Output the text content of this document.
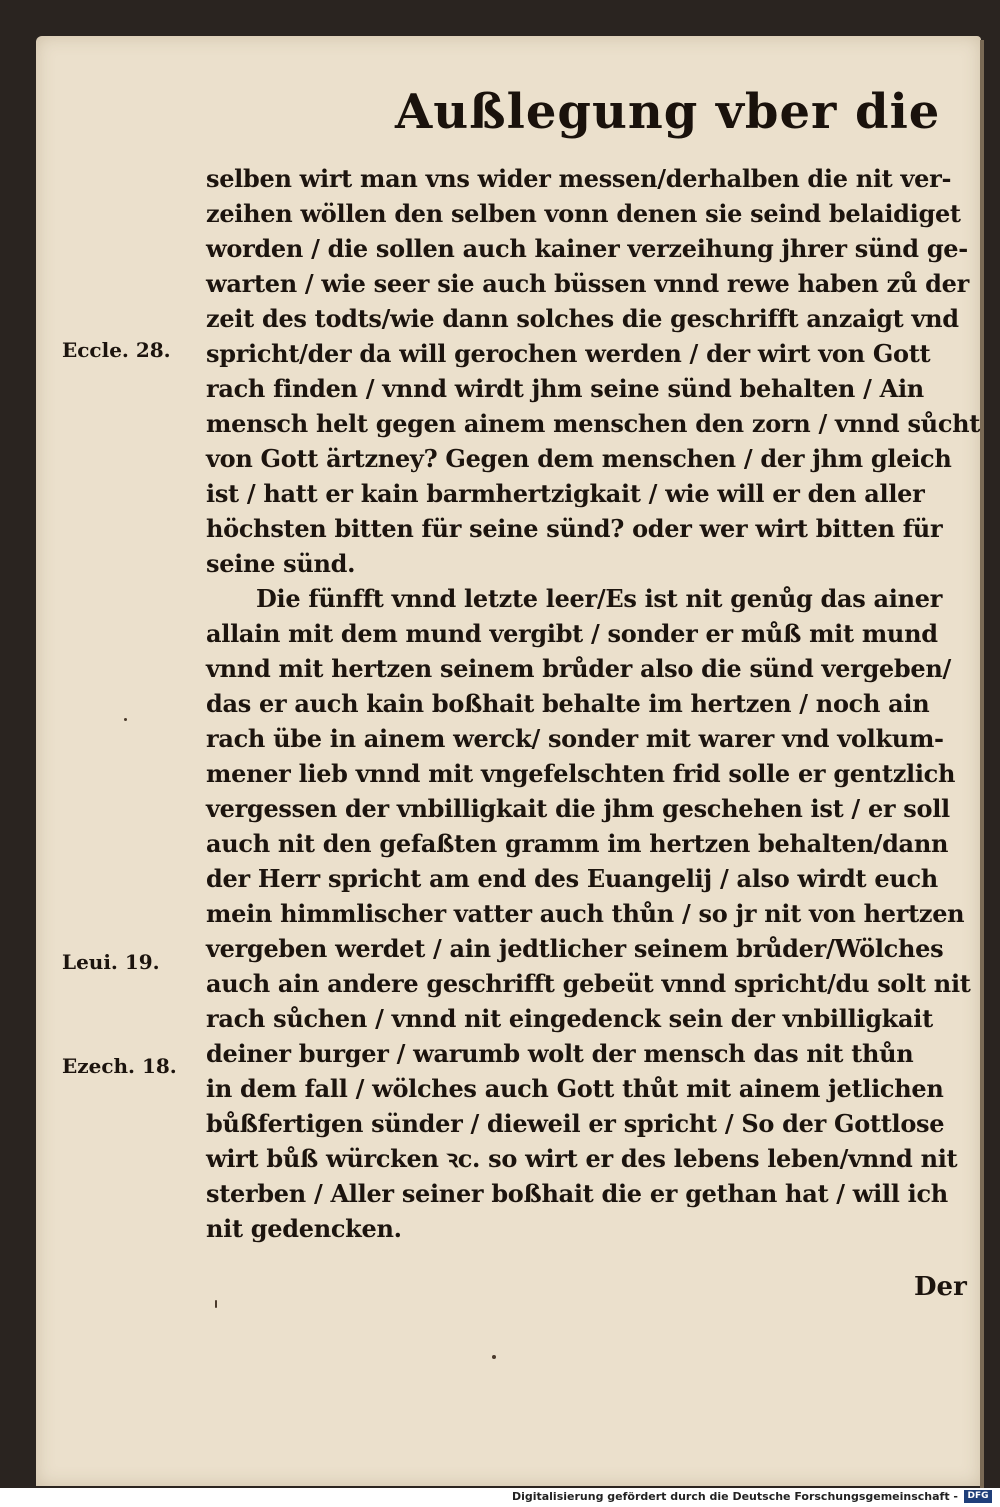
Außlegung vber die
Eccle. 28.
Leui. 19.
Ezech. 18.
selben wirt man vns wider messen/derhalben die nit ver-
zeihen wöllen den selben vonn denen sie seind belaidiget
worden / die sollen auch kainer verzeihung jhrer sünd ge-
warten / wie seer sie auch büssen vnnd rewe haben zů der
zeit des todts/wie dann solches die geschrifft anzaigt vnd
spricht/der da will gerochen werden / der wirt von Gott
rach finden / vnnd wirdt jhm seine sünd behalten / Ain
mensch helt gegen ainem menschen den zorn / vnnd sůcht
von Gott ärtzney? Gegen dem menschen / der jhm gleich
ist / hatt er kain barmhertzigkait / wie will er den aller
höchsten bitten für seine sünd? oder wer wirt bitten für
seine sünd.
Die fünfft vnnd letzte leer/Es ist nit genůg das ainer
allain mit dem mund vergibt / sonder er můß mit mund
vnnd mit hertzen seinem brůder also die sünd vergeben/
das er auch kain boßhait behalte im hertzen / noch ain
rach übe in ainem werck/ sonder mit warer vnd volkum-
mener lieb vnnd mit vngefelschten frid solle er gentzlich
vergessen der vnbilligkait die jhm geschehen ist / er soll
auch nit den gefaßten gramm im hertzen behalten/dann
der Herr spricht am end des Euangelij / also wirdt euch
mein himmlischer vatter auch thůn / so jr nit von hertzen
vergeben werdet / ain jedtlicher seinem brůder/Wölches
auch ain andere geschrifft gebeüt vnnd spricht/du solt nit
rach sůchen / vnnd nit eingedenck sein der vnbilligkait
deiner burger / warumb wolt der mensch das nit thůn
in dem fall / wölches auch Gott thůt mit ainem jetlichen
bůßfertigen sünder / dieweil er spricht / So der Gottlose
wirt bůß würcken ꝛc. so wirt er des lebens leben/vnnd nit
sterben / Aller seiner boßhait die er gethan hat / will ich
nit gedencken.
Der
Digitalisierung gefördert durch die Deutsche Forschungsgemeinschaft -	DFG
